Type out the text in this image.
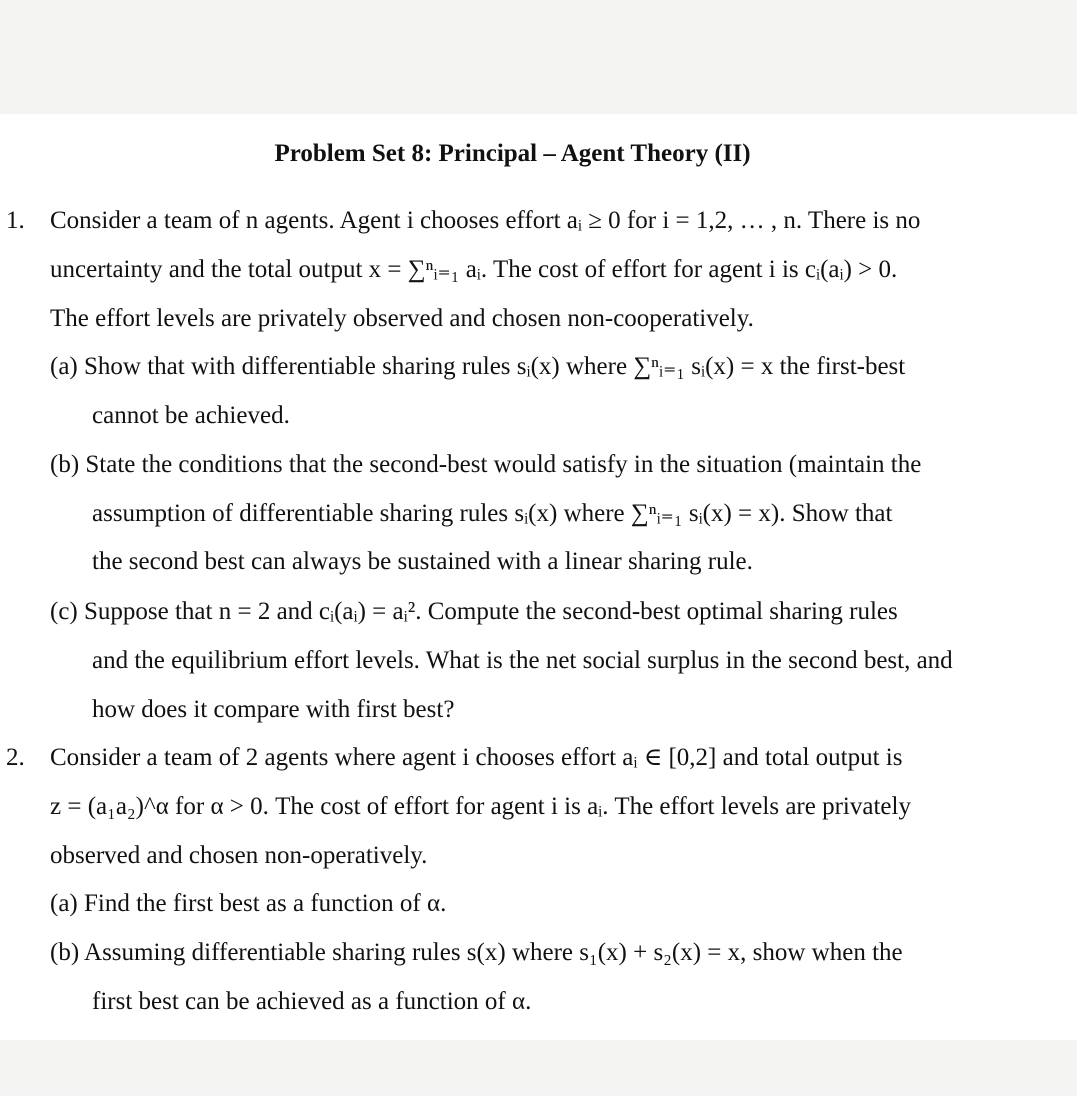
Problem Set 8: Principal – Agent Theory (II)
1. Consider a team of n agents. Agent i chooses effort aᵢ ≥ 0 for i = 1,2, … , n. There is no
uncertainty and the total output x = ∑ⁿᵢ₌₁ aᵢ. The cost of effort for agent i is cᵢ(aᵢ) > 0.
The effort levels are privately observed and chosen non-cooperatively.
(a) Show that with differentiable sharing rules sᵢ(x) where ∑ⁿᵢ₌₁ sᵢ(x) = x the first-best
cannot be achieved.
(b) State the conditions that the second-best would satisfy in the situation (maintain the
assumption of differentiable sharing rules sᵢ(x) where ∑ⁿᵢ₌₁ sᵢ(x) = x). Show that
the second best can always be sustained with a linear sharing rule.
(c) Suppose that n = 2 and cᵢ(aᵢ) = aᵢ². Compute the second-best optimal sharing rules
and the equilibrium effort levels. What is the net social surplus in the second best, and
how does it compare with first best?
2. Consider a team of 2 agents where agent i chooses effort aᵢ ∈ [0,2] and total output is
z = (a₁a₂)^α for α > 0. The cost of effort for agent i is aᵢ. The effort levels are privately
observed and chosen non-operatively.
(a) Find the first best as a function of α.
(b) Assuming differentiable sharing rules s(x) where s₁(x) + s₂(x) = x, show when the
first best can be achieved as a function of α.
